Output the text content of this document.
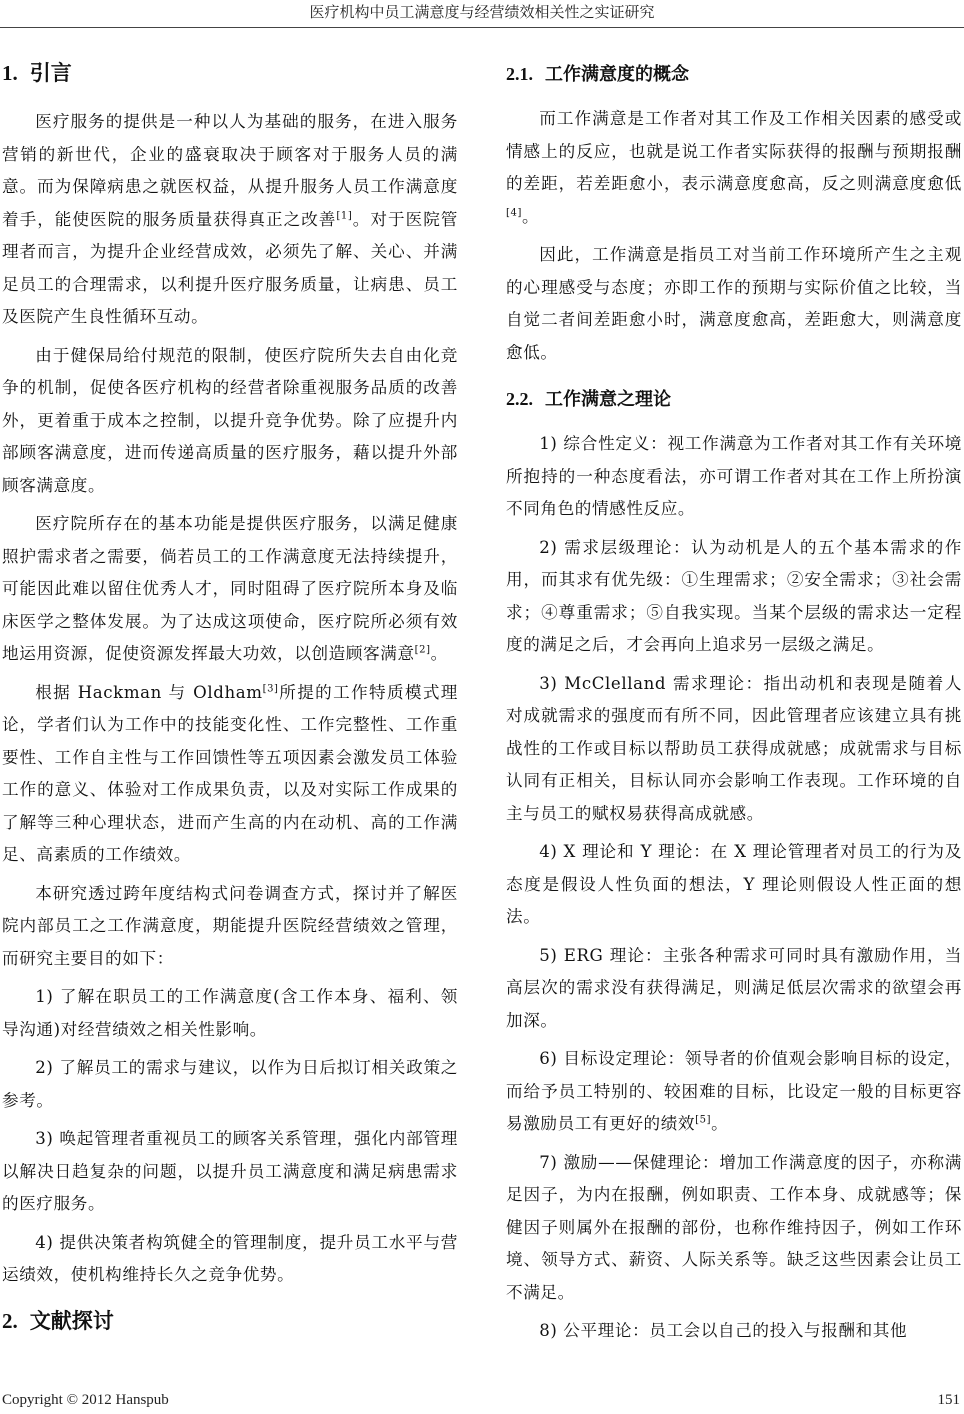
医疗机构中员工满意度与经营绩效相关性之实证研究
1. 引言

医疗服务的提供是一种以人为基础的服务，在进入服务营销的新世代，企业的盛衰取决于顾客对于服务人员的满意。而为保障病患之就医权益，从提升服务人员工作满意度着手，能使医院的服务质量获得真正之改善[1]。对于医院管理者而言，为提升企业经营成效，必须先了解、关心、并满足员工的合理需求，以利提升医疗服务质量，让病患、员工及医院产生良性循环互动。

由于健保局给付规范的限制，使医疗院所失去自由化竞争的机制，促使各医疗机构的经营者除重视服务品质的改善外，更着重于成本之控制，以提升竞争优势。除了应提升内部顾客满意度，进而传递高质量的医疗服务，藉以提升外部顾客满意度。

医疗院所存在的基本功能是提供医疗服务，以满足健康照护需求者之需要，倘若员工的工作满意度无法持续提升，可能因此难以留住优秀人才，同时阻碍了医疗院所本身及临床医学之整体发展。为了达成这项使命，医疗院所必须有效地运用资源，促使资源发挥最大功效，以创造顾客满意[2]。

根据 Hackman 与 Oldham[3]所提的工作特质模式理论，学者们认为工作中的技能变化性、工作完整性、工作重要性、工作自主性与工作回馈性等五项因素会激发员工体验工作的意义、体验对工作成果负责，以及对实际工作成果的了解等三种心理状态，进而产生高的内在动机、高的工作满足、高素质的工作绩效。

本研究透过跨年度结构式问卷调查方式，探讨并了解医院内部员工之工作满意度，期能提升医院经营绩效之管理，而研究主要目的如下：

1) 了解在职员工的工作满意度(含工作本身、福利、领导沟通)对经营绩效之相关性影响。

2) 了解员工的需求与建议，以作为日后拟订相关政策之参考。

3) 唤起管理者重视员工的顾客关系管理，强化内部管理以解决日趋复杂的问题，以提升员工满意度和满足病患需求的医疗服务。

4) 提供决策者构筑健全的管理制度，提升员工水平与营运绩效，使机构维持长久之竞争优势。

2. 文献探讨
2.1. 工作满意度的概念

而工作满意是工作者对其工作及工作相关因素的感受或情感上的反应，也就是说工作者实际获得的报酬与预期报酬的差距，若差距愈小，表示满意度愈高，反之则满意度愈低[4]。

因此，工作满意是指员工对当前工作环境所产生之主观的心理感受与态度；亦即工作的预期与实际价值之比较，当自觉二者间差距愈小时，满意度愈高，差距愈大，则满意度愈低。

2.2. 工作满意之理论

1) 综合性定义：视工作满意为工作者对其工作有关环境所抱持的一种态度看法，亦可谓工作者对其在工作上所扮演不同角色的情感性反应。

2) 需求层级理论：认为动机是人的五个基本需求的作用，而其求有优先级：①生理需求；②安全需求；③社会需求；④尊重需求；⑤自我实现。当某个层级的需求达一定程度的满足之后，才会再向上追求另一层级之满足。

3) McClelland 需求理论：指出动机和表现是随着人对成就需求的强度而有所不同，因此管理者应该建立具有挑战性的工作或目标以帮助员工获得成就感；成就需求与目标认同有正相关，目标认同亦会影响工作表现。工作环境的自主与员工的赋权易获得高成就感。

4) X 理论和 Y 理论：在 X 理论管理者对员工的行为及态度是假设人性负面的想法，Y 理论则假设人性正面的想法。

5) ERG 理论：主张各种需求可同时具有激励作用，当高层次的需求没有获得满足，则满足低层次需求的欲望会再加深。

6) 目标设定理论：领导者的价值观会影响目标的设定，而给予员工特别的、较困难的目标，比设定一般的目标更容易激励员工有更好的绩效[5]。

7) 激励——保健理论：增加工作满意度的因子，亦称满足因子，为内在报酬，例如职责、工作本身、成就感等；保健因子则属外在报酬的部份，也称作维持因子，例如工作环境、领导方式、薪资、人际关系等。缺乏这些因素会让员工不满足。

8) 公平理论：员工会以自己的投入与报酬和其他

Copyright © 2012 Hanspub	151
